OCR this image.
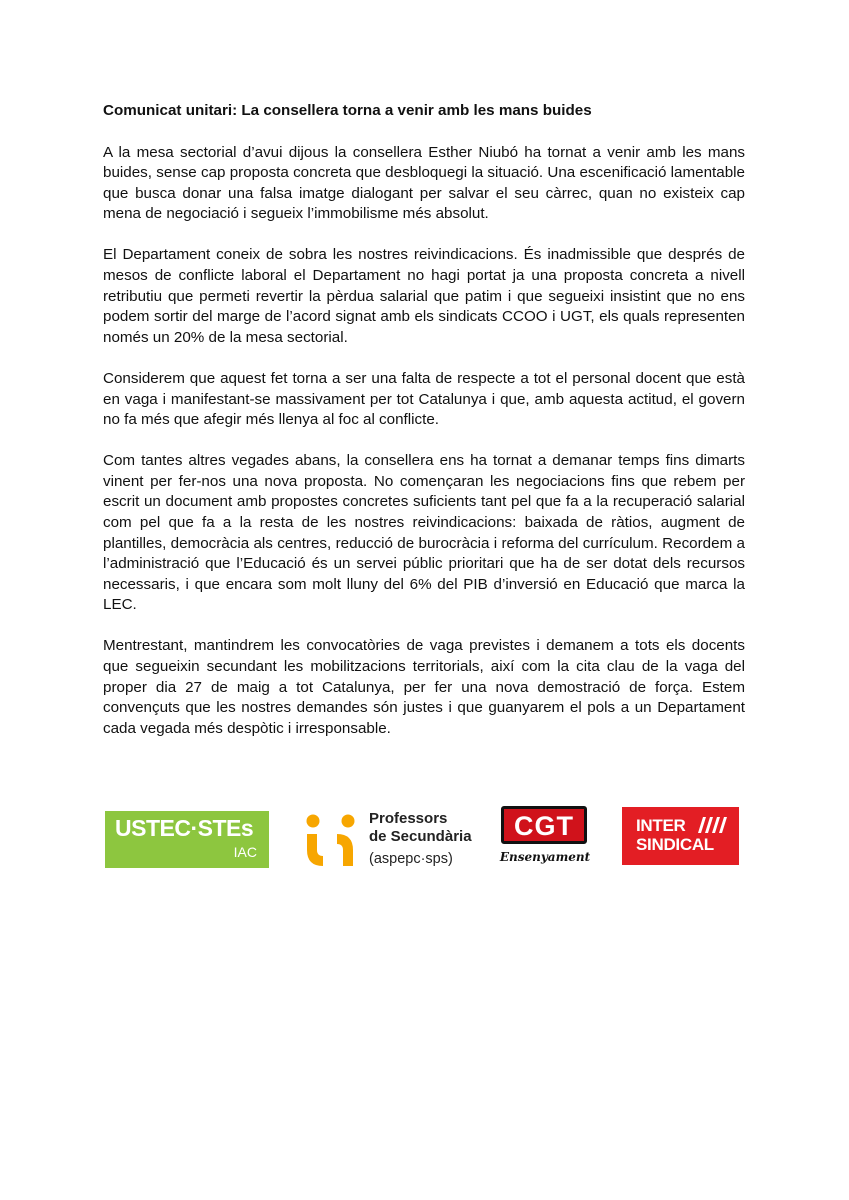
Comunicat unitari: La consellera torna a venir amb les mans buides

A la mesa sectorial d’avui dijous la consellera Esther Niubó ha tornat a venir amb les mans buides, sense cap proposta concreta que desbloquegi la situació. Una escenificació lamentable que busca donar una falsa imatge dialogant per salvar el seu càrrec, quan no existeix cap mena de negociació i segueix l’immobilisme més absolut.

El Departament coneix de sobra les nostres reivindicacions. És inadmissible que després de mesos de conflicte laboral el Departament no hagi portat ja una proposta concreta a nivell retributiu que permeti revertir la pèrdua salarial que patim i que segueixi insistint que no ens podem sortir del marge de l’acord signat amb els sindicats CCOO i UGT, els quals representen només un 20% de la mesa sectorial.

Considerem que aquest fet torna a ser una falta de respecte a tot el personal docent que està en vaga i manifestant-se massivament per tot Catalunya i que, amb aquesta actitud, el govern no fa més que afegir més llenya al foc al conflicte.

Com tantes altres vegades abans, la consellera ens ha tornat a demanar temps fins dimarts vinent per fer-nos una nova proposta. No començaran les negociacions fins que rebem per escrit un document amb propostes concretes suficients tant pel que fa a la recuperació salarial com pel que fa a la resta de les nostres reivindicacions: baixada de ràtios, augment de plantilles, democràcia als centres, reducció de burocràcia i reforma del currículum. Recordem a l’administració que l’Educació és un servei públic prioritari que ha de ser dotat dels recursos necessaris, i que encara som molt lluny del 6% del PIB d’inversió en Educació que marca la LEC.

Mentrestant, mantindrem les convocatòries de vaga previstes i demanem a tots els docents que segueixin secundant les mobilitzacions territorials, així com la cita clau de la vaga del proper dia 27 de maig a tot Catalunya, per fer una nova demostració de força. Estem convençuts que les nostres demandes són justes i que guanyarem el pols a un Departament cada vegada més despòtic i irresponsable.

USTEC·STEs
IAC
Professors
de Secundària
(aspepc·sps)
CGT
Ensenyament
INTER
SINDICAL
